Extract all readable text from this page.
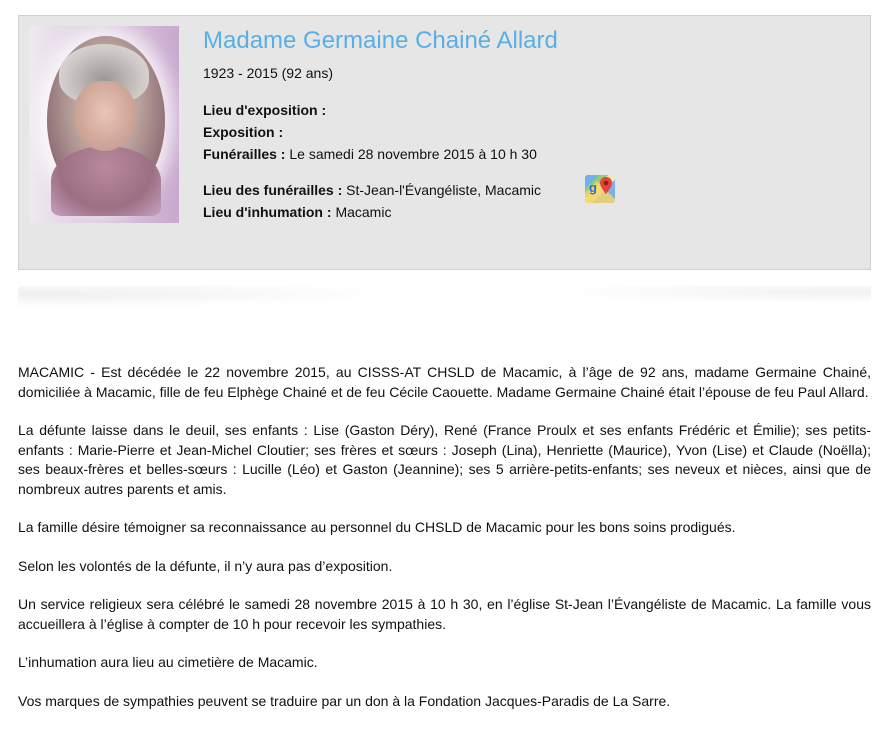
Madame Germaine Chainé Allard
1923 - 2015 (92 ans)
Lieu d'exposition :
Exposition :
Funérailles : Le samedi 28 novembre 2015 à 10 h 30
Lieu des funérailles : St-Jean-l'Évangéliste, Macamic	g
Lieu d'inhumation : Macamic

MACAMIC - Est décédée le 22 novembre 2015, au CISSS-AT CHSLD de Macamic, à l’âge de 92 ans, madame Germaine Chainé, domiciliée à Macamic, fille de feu Elphège Chainé et de feu Cécile Caouette. Madame Germaine Chainé était l’épouse de feu Paul Allard.

La défunte laisse dans le deuil, ses enfants : Lise (Gaston Déry), René (France Proulx et ses enfants Frédéric et Émilie); ses petits-enfants : Marie-Pierre et Jean-Michel Cloutier; ses frères et sœurs : Joseph (Lina), Henriette (Maurice), Yvon (Lise) et Claude (Noëlla); ses beaux-frères et belles-sœurs : Lucille (Léo) et Gaston (Jeannine); ses 5 arrière-petits-enfants; ses neveux et nièces, ainsi que de nombreux autres parents et amis.

La famille désire témoigner sa reconnaissance au personnel du CHSLD de Macamic pour les bons soins prodigués.

Selon les volontés de la défunte, il n’y aura pas d’exposition.

Un service religieux sera célébré le samedi 28 novembre 2015 à 10 h 30, en l’église St-Jean l’Évangéliste de Macamic. La famille vous accueillera à l’église à compter de 10 h pour recevoir les sympathies.

L’inhumation aura lieu au cimetière de Macamic.

Vos marques de sympathies peuvent se traduire par un don à la Fondation Jacques-Paradis de La Sarre.
